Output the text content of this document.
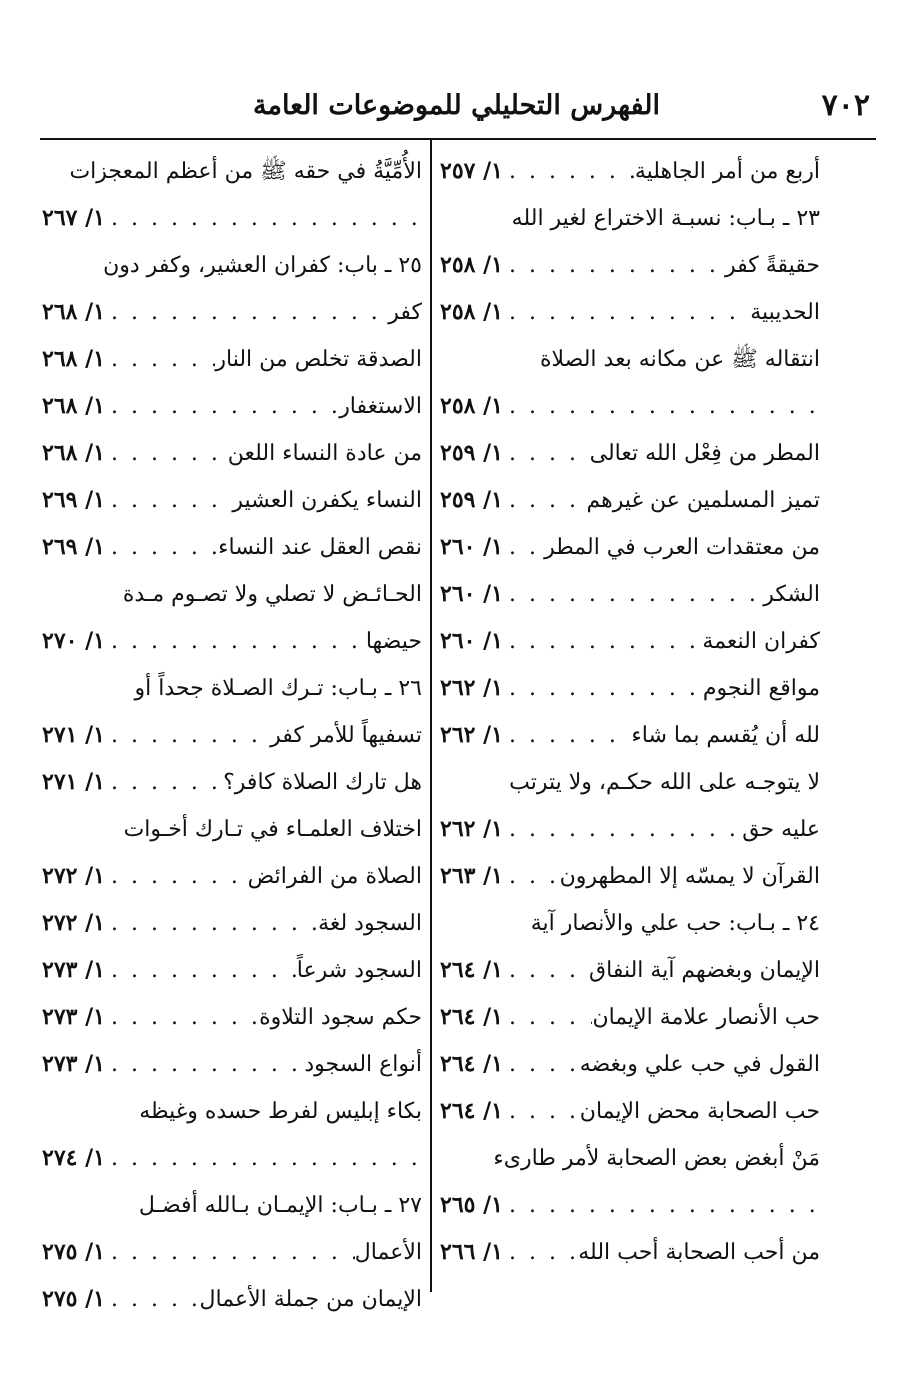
٧٠٢
الفهرس التحليلي للموضوعات العامة
أربع من أمر الجاهلية
. . .
١/ ٢٥٧
٢٣ ـ بـاب: نسبـة الاختراع لغير الله
حقيقةً كفر
. . .
١/ ٢٥٨
الحديبية
. . .
١/ ٢٥٨
انتقاله ﷺ عن مكانه بعد الصلاة
. . .
١/ ٢٥٨
المطر من فِعْل الله تعالى
. . .
١/ ٢٥٩
تميز المسلمين عن غيرهم
. . .
١/ ٢٥٩
من معتقدات العرب في المطر
. . .
١/ ٢٦٠
الشكر
. . .
١/ ٢٦٠
كفران النعمة
. . .
١/ ٢٦٠
مواقع النجوم
. . .
١/ ٢٦٢
لله أن يُقسم بما شاء
. . .
١/ ٢٦٢
لا يتوجـه على الله حكـم، ولا يترتب
عليه حق
. . .
١/ ٢٦٢
القرآن لا يمسّه إلا المطهرون
. . .
١/ ٢٦٣
٢٤ ـ بـاب: حب علي والأنصار آية
الإيمان وبغضهم آية النفاق
. . .
١/ ٢٦٤
حب الأنصار علامة الإيمان
. . .
١/ ٢٦٤
القول في حب علي وبغضه
. . .
١/ ٢٦٤
حب الصحابة محض الإيمان
. . .
١/ ٢٦٤
مَنْ أبغض بعض الصحابة لأمر طارىء
. . .
١/ ٢٦٥
من أحب الصحابة أحب الله
. . .
١/ ٢٦٦
الأُمِّيَّةُ في حقه ﷺ من أعظم المعجزات
. . .
١/ ٢٦٧
٢٥ ـ باب: كفران العشير، وكفر دون
كفر
. . .
١/ ٢٦٨
الصدقة تخلص من النار
. . .
١/ ٢٦٨
الاستغفار
. . .
١/ ٢٦٨
من عادة النساء اللعن
. . .
١/ ٢٦٨
النساء يكفرن العشير
. . .
١/ ٢٦٩
نقص العقل عند النساء
. . .
١/ ٢٦٩
الحـائـض لا تصلي ولا تصـوم مـدة
حيضها
. . .
١/ ٢٧٠
٢٦ ـ بـاب: تـرك الصـلاة جحداً أو
تسفيهاً للأمر كفر
. . .
١/ ٢٧١
هل تارك الصلاة كافر؟
. . .
١/ ٢٧١
اختلاف العلمـاء في تـارك أخـوات
الصلاة من الفرائض
. . .
١/ ٢٧٢
السجود لغة
. . .
١/ ٢٧٢
السجود شرعاً
. . .
١/ ٢٧٣
حكم سجود التلاوة
. . .
١/ ٢٧٣
أنواع السجود
. . .
١/ ٢٧٣
بكاء إبليس لفرط حسده وغيظه
. . .
١/ ٢٧٤
٢٧ ـ بـاب: الإيمـان بـالله أفضـل
الأعمال
. . .
١/ ٢٧٥
الإيمان من جملة الأعمال
. . .
١/ ٢٧٥
